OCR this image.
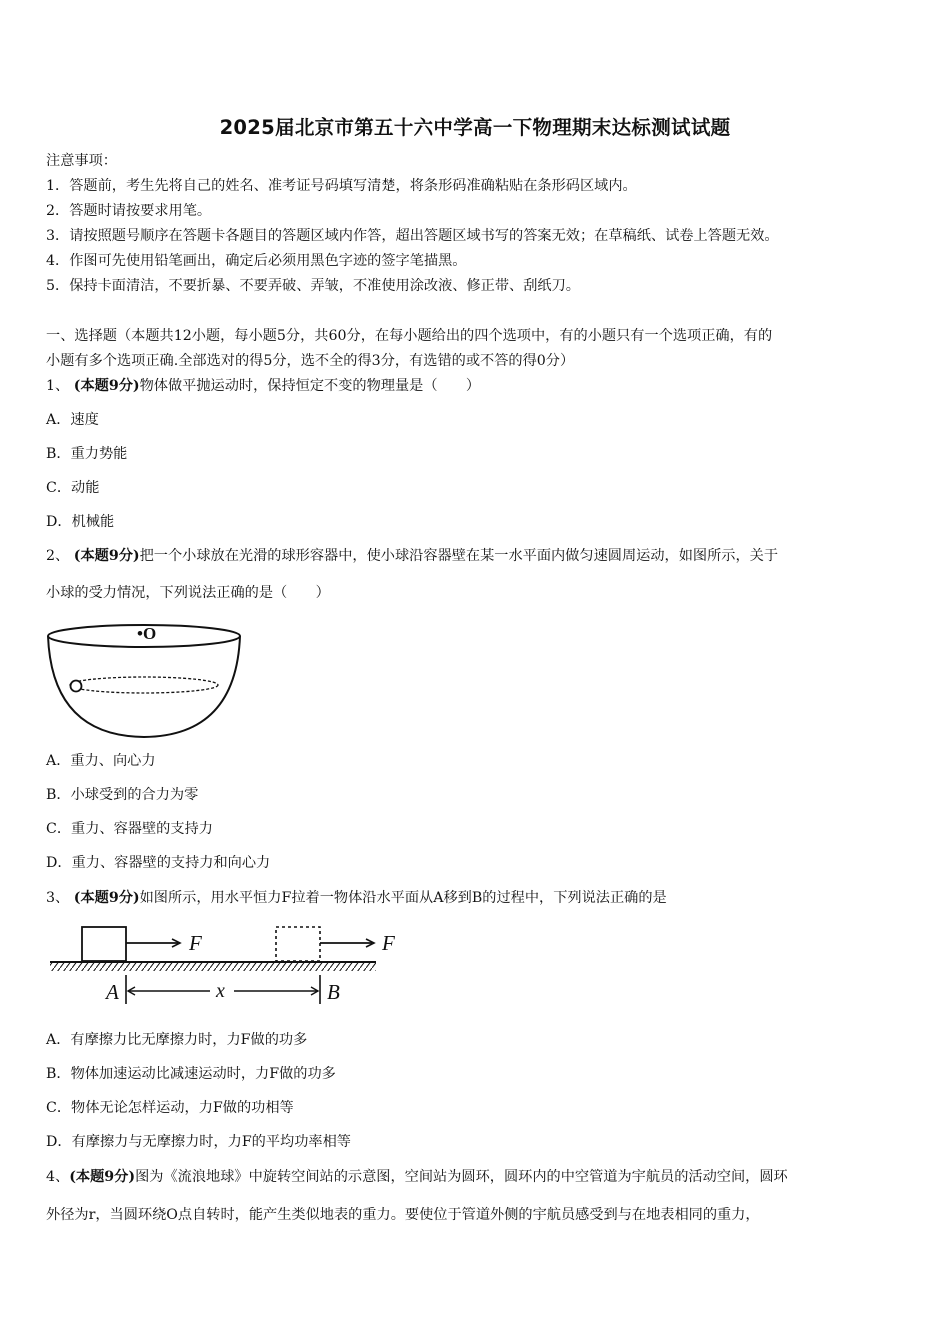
2025届北京市第五十六中学高一下物理期末达标测试试题
注意事项：
1．答题前，考生先将自己的姓名、准考证号码填写清楚，将条形码准确粘贴在条形码区域内。
2．答题时请按要求用笔。
3．请按照题号顺序在答题卡各题目的答题区域内作答，超出答题区域书写的答案无效；在草稿纸、试卷上答题无效。
4．作图可先使用铅笔画出，确定后必须用黑色字迹的签字笔描黑。
5．保持卡面清洁，不要折暴、不要弄破、弄皱，不准使用涂改液、修正带、刮纸刀。
一、选择题（本题共12小题，每小题5分，共60分，在每小题给出的四个选项中，有的小题只有一个选项正确，有的
小题有多个选项正确.全部选对的得5分，选不全的得3分，有选错的或不答的得0分）
1、 (本题9分)物体做平抛运动时，保持恒定不变的物理量是（　　）
A．速度
B．重力势能
C．动能
D．机械能
2、 (本题9分)把一个小球放在光滑的球形容器中，使小球沿容器壁在某一水平面内做匀速圆周运动，如图所示，关于
小球的受力情况，下列说法正确的是（　　）
•O
A．重力、向心力
B．小球受到的合力为零
C．重力、容器壁的支持力
D．重力、容器壁的支持力和向心力
3、 (本题9分)如图所示，用水平恒力F拉着一物体沿水平面从A移到B的过程中，下列说法正确的是
F	F
A	B
x
A．有摩擦力比无摩擦力时，力F做的功多
B．物体加速运动比减速运动时，力F做的功多
C．物体无论怎样运动，力F做的功相等
D．有摩擦力与无摩擦力时，力F的平均功率相等
4、(本题9分)图为《流浪地球》中旋转空间站的示意图，空间站为圆环，圆环内的中空管道为宇航员的活动空间，圆环
外径为r，当圆环绕O点自转时，能产生类似地表的重力。要使位于管道外侧的宇航员感受到与在地表相同的重力，
